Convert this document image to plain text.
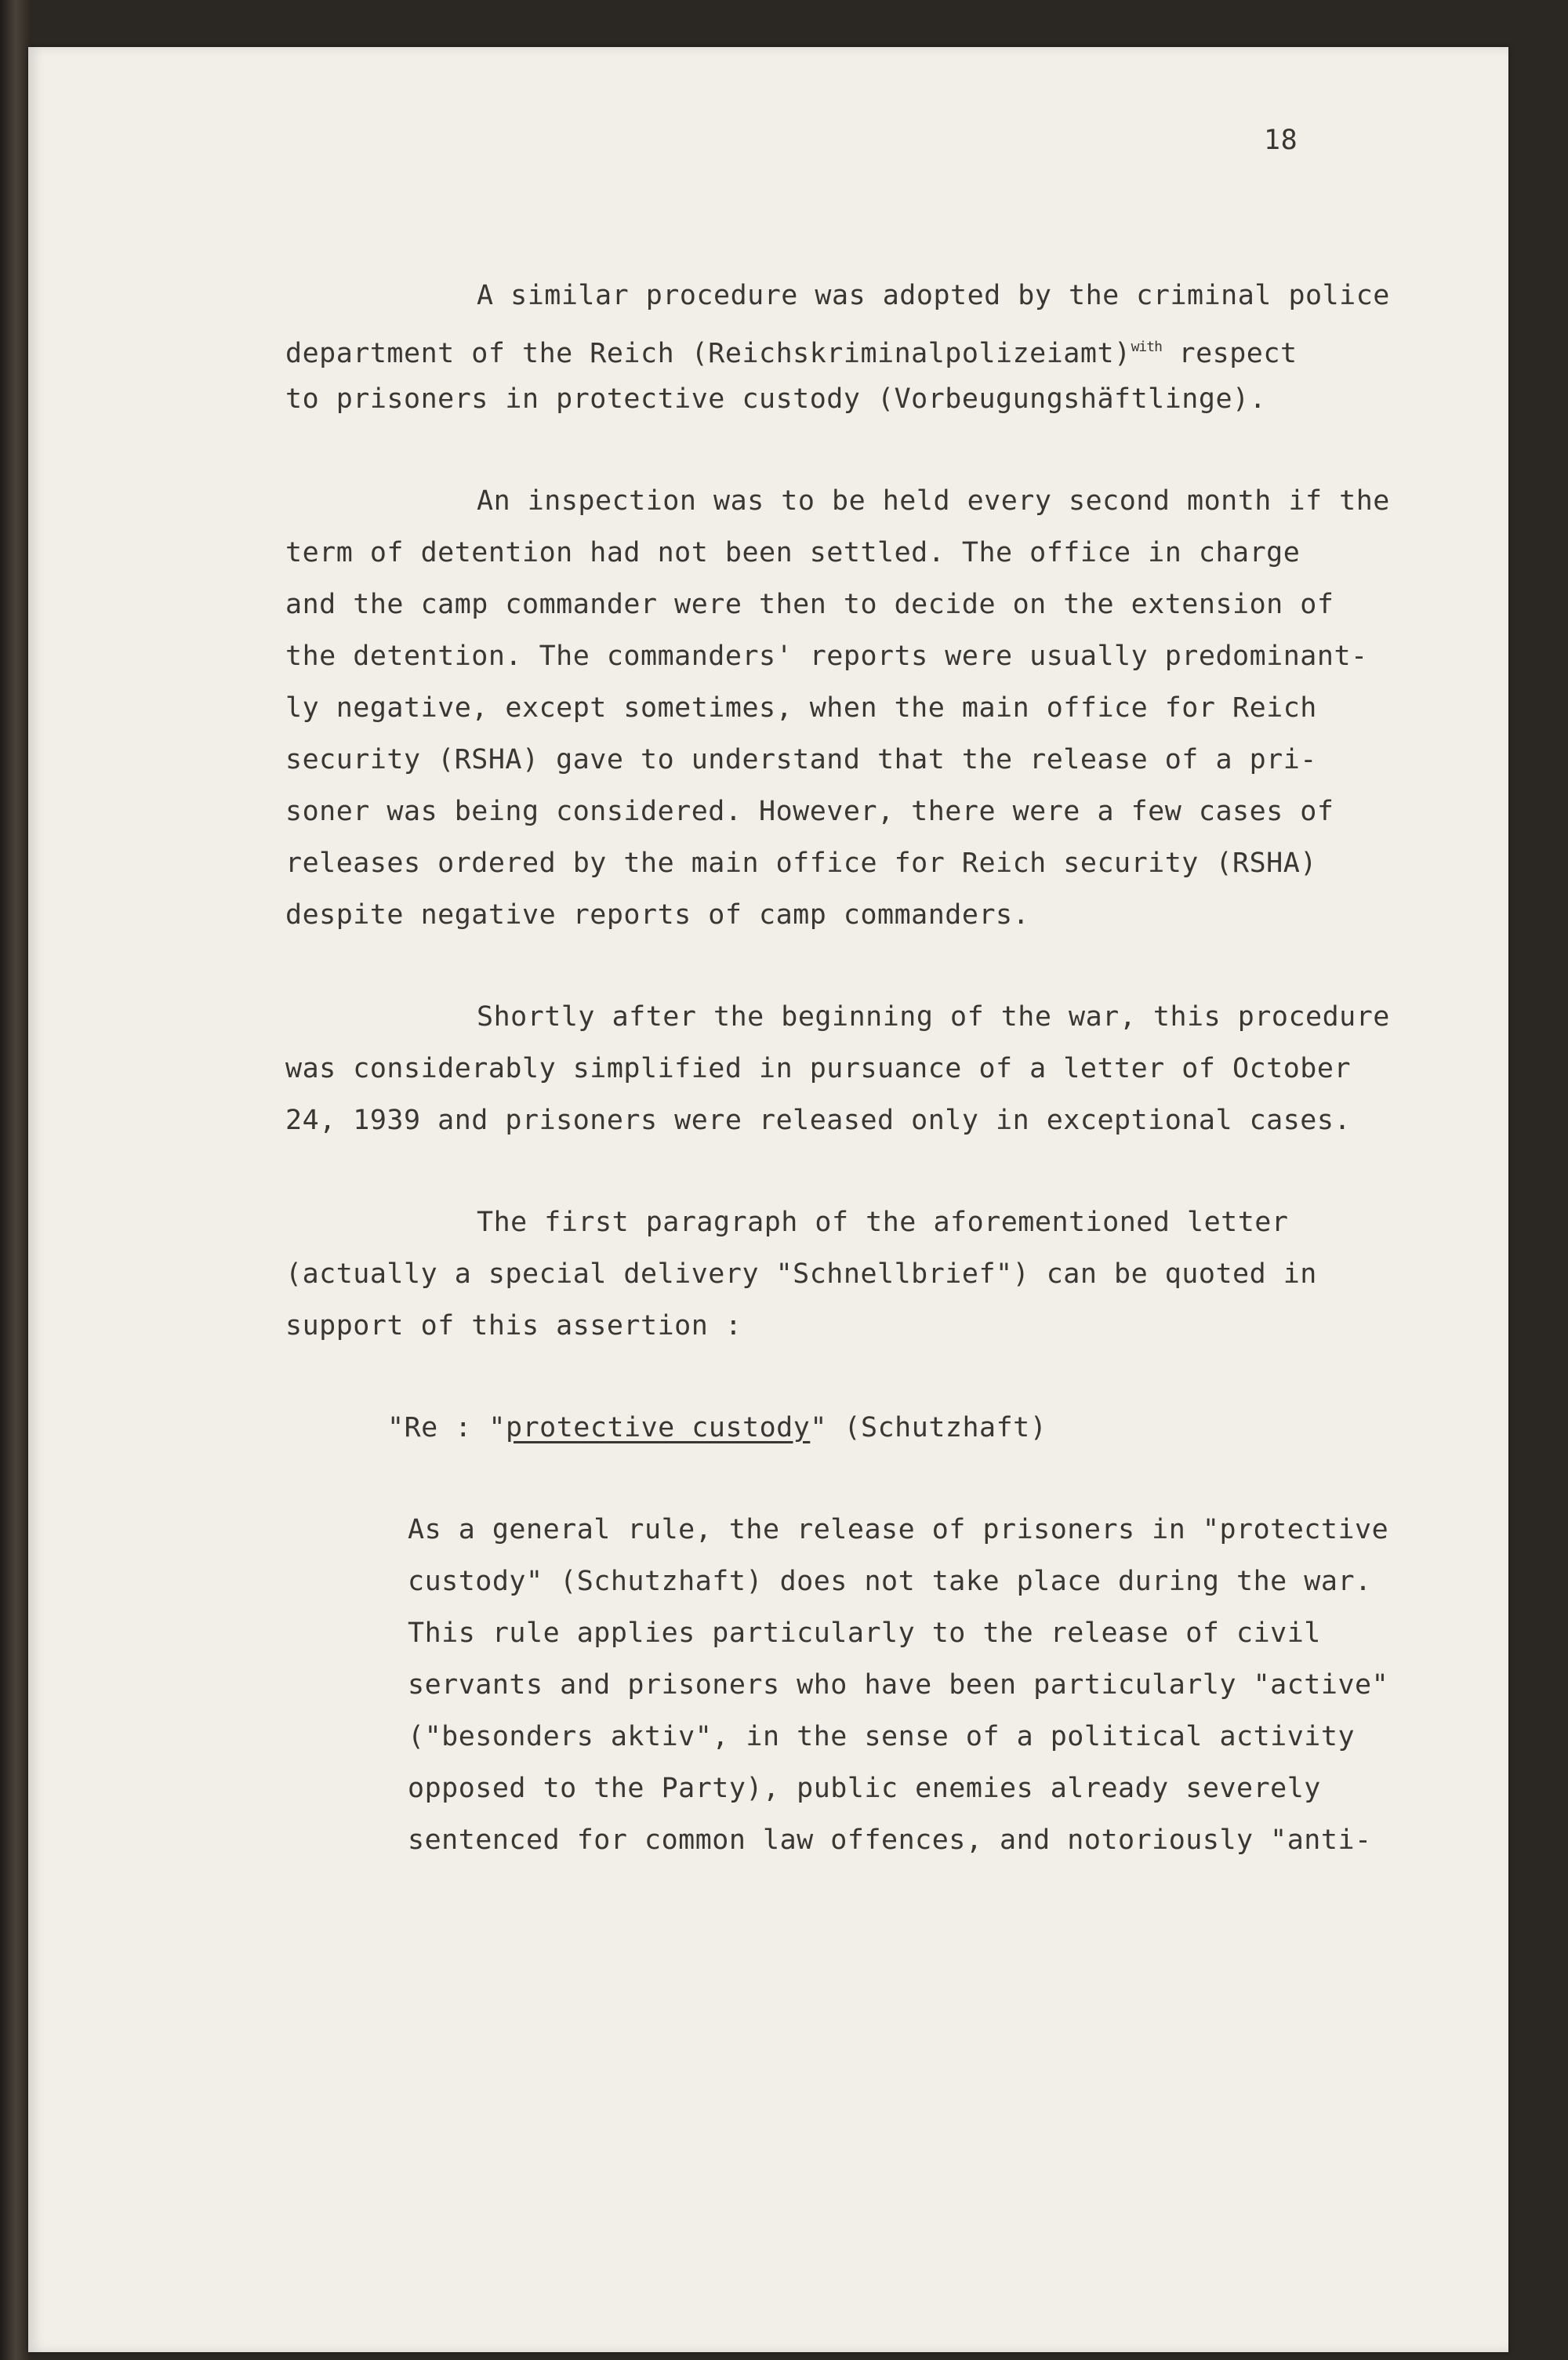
18
A similar procedure was adopted by the criminal police
department of the Reich (Reichskriminalpolizeiamt)$^{with}$ respect
to prisoners in protective custody (Vorbeugungshäftlinge).
An inspection was to be held every second month if the
term of detention had not been settled. The office in charge
and the camp commander were then to decide on the extension of
the detention. The commanders' reports were usually predominant-
ly negative, except sometimes, when the main office for Reich
security (RSHA) gave to understand that the release of a pri-
soner was being considered. However, there were a few cases of
releases ordered by the main office for Reich security (RSHA)
despite negative reports of camp commanders.
Shortly after the beginning of the war, this procedure
was considerably simplified in pursuance of a letter of October
24, 1939 and prisoners were released only in exceptional cases.
The first paragraph of the aforementioned letter
(actually a special delivery "Schnellbrief") can be quoted in
support of this assertion :
"Re : "protective custody" (Schutzhaft)
As a general rule, the release of prisoners in "protective
custody" (Schutzhaft) does not take place during the war.
This rule applies particularly to the release of civil
servants and prisoners who have been particularly "active"
("besonders aktiv", in the sense of a political activity
opposed to the Party), public enemies already severely
sentenced for common law offences, and notoriously "anti-
